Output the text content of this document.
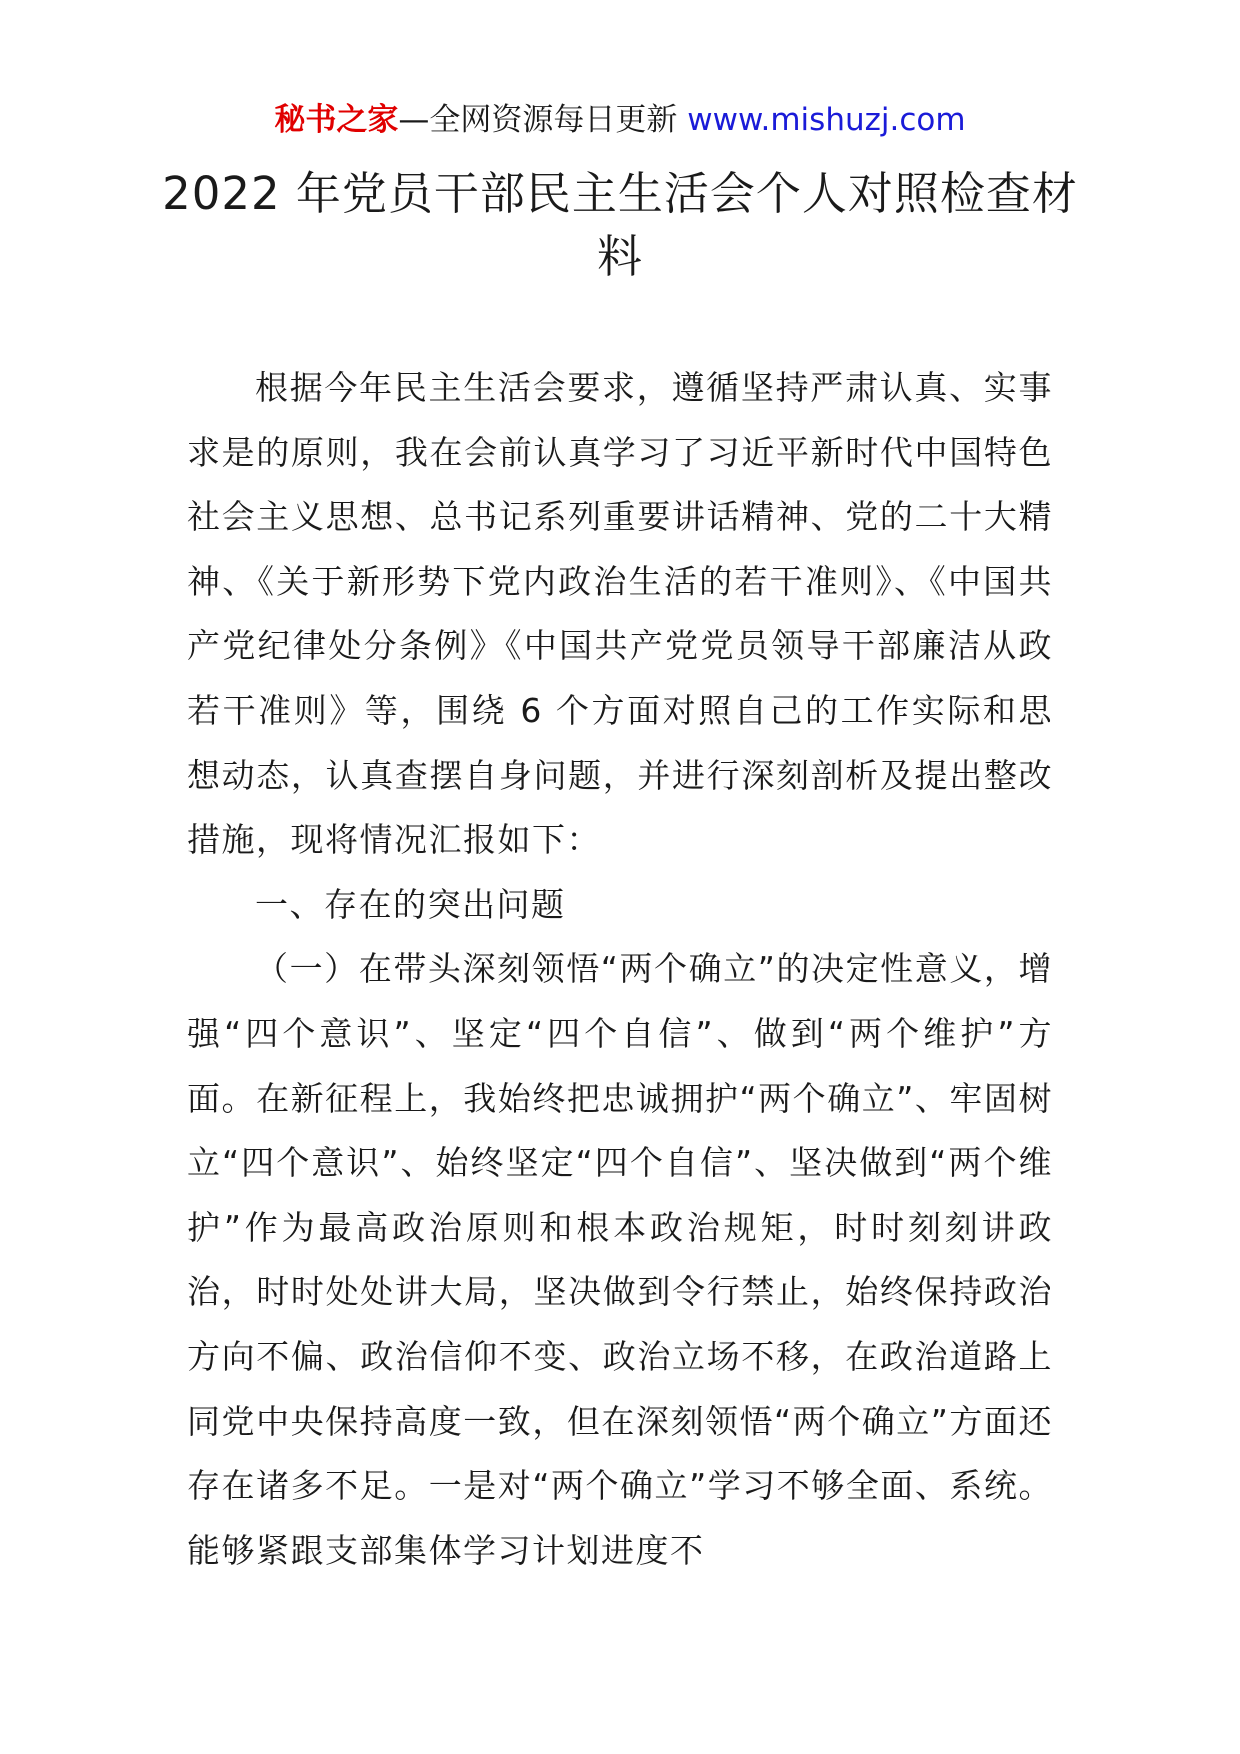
秘书之家—全网资源每日更新 www.mishuzj.com
2022 年党员干部民主生活会个人对照检查材料

根据今年民主生活会要求，遵循坚持严肃认真、实事求是的原则，我在会前认真学习了习近平新时代中国特色社会主义思想、总书记系列重要讲话精神、党的二十大精神、《关于新形势下党内政治生活的若干准则》、《中国共产党纪律处分条例》《中国共产党党员领导干部廉洁从政若干准则》等，围绕 6 个方面对照自己的工作实际和思想动态，认真查摆自身问题，并进行深刻剖析及提出整改措施，现将情况汇报如下：

一、存在的突出问题

（一）在带头深刻领悟“两个确立”的决定性意义，增强“四个意识”、坚定“四个自信”、做到“两个维护”方面。在新征程上，我始终把忠诚拥护“两个确立”、牢固树立“四个意识”、始终坚定“四个自信”、坚决做到“两个维护”作为最高政治原则和根本政治规矩，时时刻刻讲政治，时时处处讲大局，坚决做到令行禁止，始终保持政治方向不偏、政治信仰不变、政治立场不移，在政治道路上同党中央保持高度一致，但在深刻领悟“两个确立”方面还存在诸多不足。一是对“两个确立”学习不够全面、系统。能够紧跟支部集体学习计划进度不
